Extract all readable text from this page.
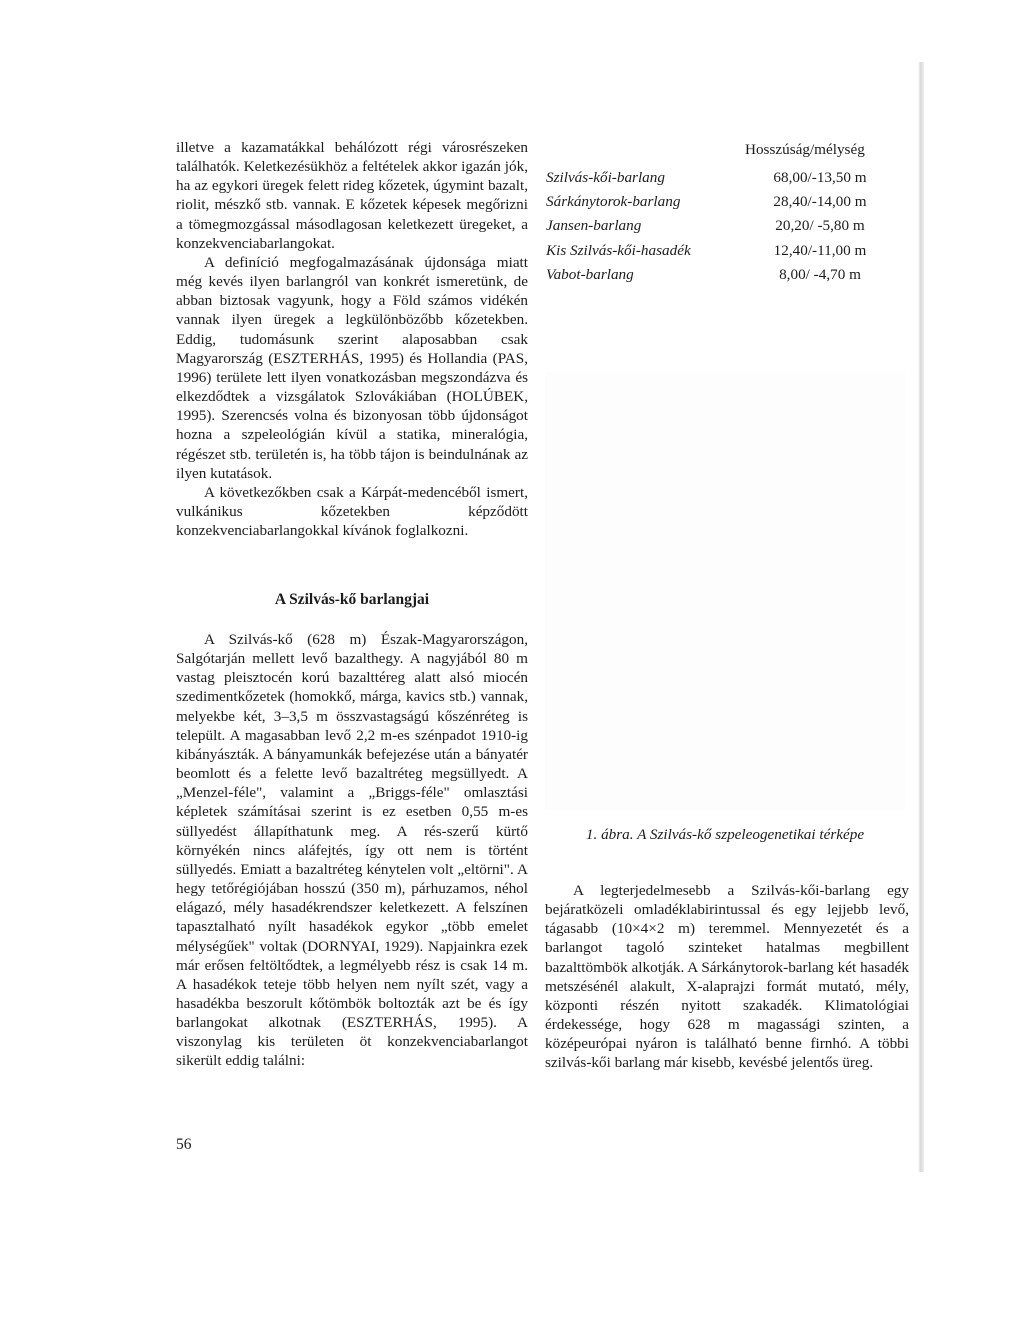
illetve a kazamatákkal behálózott régi városrészeken találhatók. Keletkezésükhöz a feltételek akkor igazán jók, ha az egykori üregek felett rideg kőzetek, úgymint bazalt, riolit, mészkő stb. vannak. E kőzetek képesek megőrizni a tömegmozgással másodlagosan keletkezett üregeket, a konzekvenciabarlangokat.

A definíció megfogalmazásának újdonsága miatt még kevés ilyen barlangról van konkrét ismeretünk, de abban biztosak vagyunk, hogy a Föld számos vidékén vannak ilyen üregek a legkülönbözőbb kőzetekben. Eddig, tudomásunk szerint alaposabban csak Magyarország (ESZTERHÁS, 1995) és Hollandia (PAS, 1996) területe lett ilyen vonatkozásban megszondázva és elkezdődtek a vizsgálatok Szlovákiában (HOLÚBEK, 1995). Szerencsés volna és bizonyosan több újdonságot hozna a szpeleológián kívül a statika, mineralógia, régészet stb. területén is, ha több tájon is beindulnának az ilyen kutatások.

A következőkben csak a Kárpát-medencéből ismert, vulkánikus kőzetekben képződött konzekvenciabarlangokkal kívánok foglalkozni.

A Szilvás-kő barlangjai

A Szilvás-kő (628 m) Észak-Magyarországon, Salgótarján mellett levő bazalthegy. A nagyjából 80 m vastag pleisztocén korú bazalttéreg alatt alsó miocén szedimentkőzetek (homokkő, márga, kavics stb.) vannak, melyekbe két, 3–3,5 m összvastagságú kőszénréteg is települt. A magasabban levő 2,2 m-es szénpadot 1910-ig kibányászták. A bányamunkák befejezése után a bányatér beomlott és a felette levő bazaltréteg megsüllyedt. A „Menzel-féle", valamint a „Briggs-féle" omlasztási képletek számításai szerint is ez esetben 0,55 m-es süllyedést állapíthatunk meg. A rés-szerű kürtő környékén nincs aláfejtés, így ott nem is történt süllyedés. Emiatt a bazaltréteg kénytelen volt „eltörni". A hegy tetőrégiójában hosszú (350 m), párhuzamos, néhol elágazó, mély hasadékrendszer keletkezett. A felszínen tapasztalható nyílt hasadékok egykor „több emelet mélységűek" voltak (DORNYAI, 1929). Napjainkra ezek már erősen feltöltődtek, a legmélyebb rész is csak 14 m. A hasadékok teteje több helyen nem nyílt szét, vagy a hasadékba beszorult kőtömbök boltozták azt be és így barlangokat alkotnak (ESZTERHÁS, 1995). A viszonylag kis területen öt konzekvenciabarlangot sikerült eddig találni:

Hosszúság/mélység
Szilvás-kői-barlang	68,00/-13,50 m
Sárkánytorok-barlang	28,40/-14,00 m
Jansen-barlang	20,20/ -5,80 m
Kis Szilvás-kői-hasadék	12,40/-11,00 m
Vabot-barlang	8,00/ -4,70 m
1. ábra. A Szilvás-kő szpeleogenetikai térképe

A legterjedelmesebb a Szilvás-kői-barlang egy bejáratközeli omladéklabirintussal és egy lejjebb levő, tágasabb (10×4×2 m) teremmel. Mennyezetét és a barlangot tagoló szinteket hatalmas megbillent bazalttömbök alkotják. A Sárkánytorok-barlang két hasadék metszésénél alakult, X-alaprajzi formát mutató, mély, központi részén nyitott szakadék. Klimatológiai érdekessége, hogy 628 m magassági szinten, a középeurópai nyáron is található benne firnhó. A többi szilvás-kői barlang már kisebb, kevésbé jelentős üreg.

56
